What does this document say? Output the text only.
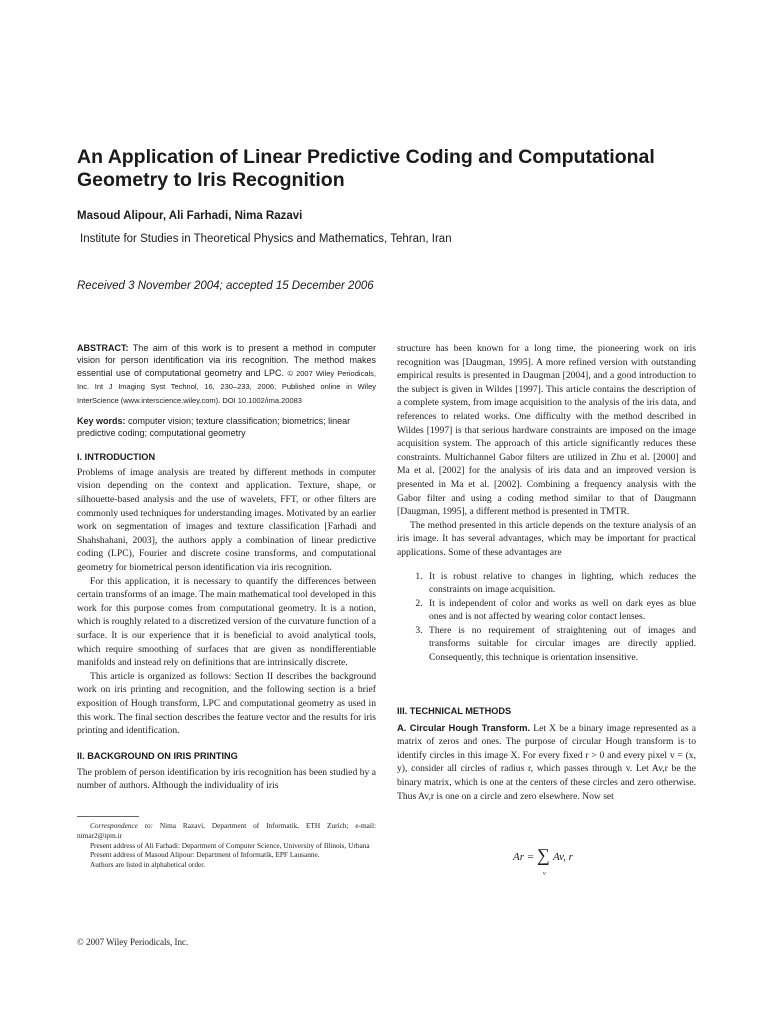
An Application of Linear Predictive Coding and Computational Geometry to Iris Recognition
Masoud Alipour, Ali Farhadi, Nima Razavi
Institute for Studies in Theoretical Physics and Mathematics, Tehran, Iran
Received 3 November 2004; accepted 15 December 2006

ABSTRACT: The aim of this work is to present a method in computer vision for person identification via iris recognition. The method makes essential use of computational geometry and LPC. © 2007 Wiley Periodicals, Inc. Int J Imaging Syst Technol, 16, 230–233, 2006; Published online in Wiley InterScience (www.interscience.wiley.com). DOI 10.1002/ima.20083

Key words: computer vision; texture classification; biometrics; linear predictive coding; computational geometry

I. INTRODUCTION

Problems of image analysis are treated by different methods in computer vision depending on the context and application. Texture, shape, or silhouette-based analysis and the use of wavelets, FFT, or other filters are commonly used techniques for understanding images. Motivated by an earlier work on segmentation of images and texture classification [Farhadi and Shahshahani, 2003], the authors apply a combination of linear predictive coding (LPC), Fourier and discrete cosine transforms, and computational geometry for biometrical person identification via iris recognition.

For this application, it is necessary to quantify the differences between certain transforms of an image. The main mathematical tool developed in this work for this purpose comes from computational geometry. It is a notion, which is roughly related to a discretized version of the curvature function of a surface. It is our experience that it is beneficial to avoid analytical tools, which require smoothing of surfaces that are given as nondifferentiable manifolds and instead rely on definitions that are intrinsically discrete.

This article is organized as follows: Section II describes the background work on iris printing and recognition, and the following section is a brief exposition of Hough transform, LPC and computational geometry as used in this work. The final section describes the feature vector and the results for iris printing and identification.

II. BACKGROUND ON IRIS PRINTING

The problem of person identification by iris recognition has been studied by a number of authors. Although the individuality of iris

structure has been known for a long time, the pioneering work on iris recognition was [Daugman, 1995]. A more refined version with outstanding empirical results is presented in Daugman [2004], and a good introduction to the subject is given in Wildes [1997]. This article contains the description of a complete system, from image acquisition to the analysis of the iris data, and references to related works. One difficulty with the method described in Wildes [1997] is that serious hardware constraints are imposed on the image acquisition system. The approach of this article significantly reduces these constraints. Multichannel Gabor filters are utilized in Zhu et al. [2000] and Ma et al. [2002] for the analysis of iris data and an improved version is presented in Ma et al. [2002]. Combining a frequency analysis with the Gabor filter and using a coding method similar to that of Daugmann [Daugman, 1995], a different method is presented in TMTR.

The method presented in this article depends on the texture analysis of an iris image. It has several advantages, which may be important for practical applications. Some of these advantages are

1. It is robust relative to changes in lighting, which reduces the constraints on image acquisition.
2. It is independent of color and works as well on dark eyes as blue ones and is not affected by wearing color contact lenses.
3. There is no requirement of straightening out of images and transforms suitable for circular images are directly applied. Consequently, this technique is orientation insensitive.
III. TECHNICAL METHODS

A. Circular Hough Transform. Let X be a binary image represented as a matrix of zeros and ones. The purpose of circular Hough transform is to identify circles in this image X. For every fixed r > 0 and every pixel v = (x, y), consider all circles of radius r, which passes through v. Let Av,r be the binary matrix, which is one at the centers of these circles and zero otherwise. Thus Av,r is one on a circle and zero elsewhere. Now set

Ar = ∑ Av, r
v

Correspondence to: Nima Razavi, Department of Informatik, ETH Zurich; e-mail: nimar2@ipm.ir

Present address of Ali Farhadi: Department of Computer Science, University of Illinois, Urbana

Present address of Masoud Alipour: Department of Informatik, EPF Lausanne.

Authors are listed in alphabetical order.

© 2007 Wiley Periodicals, Inc.
